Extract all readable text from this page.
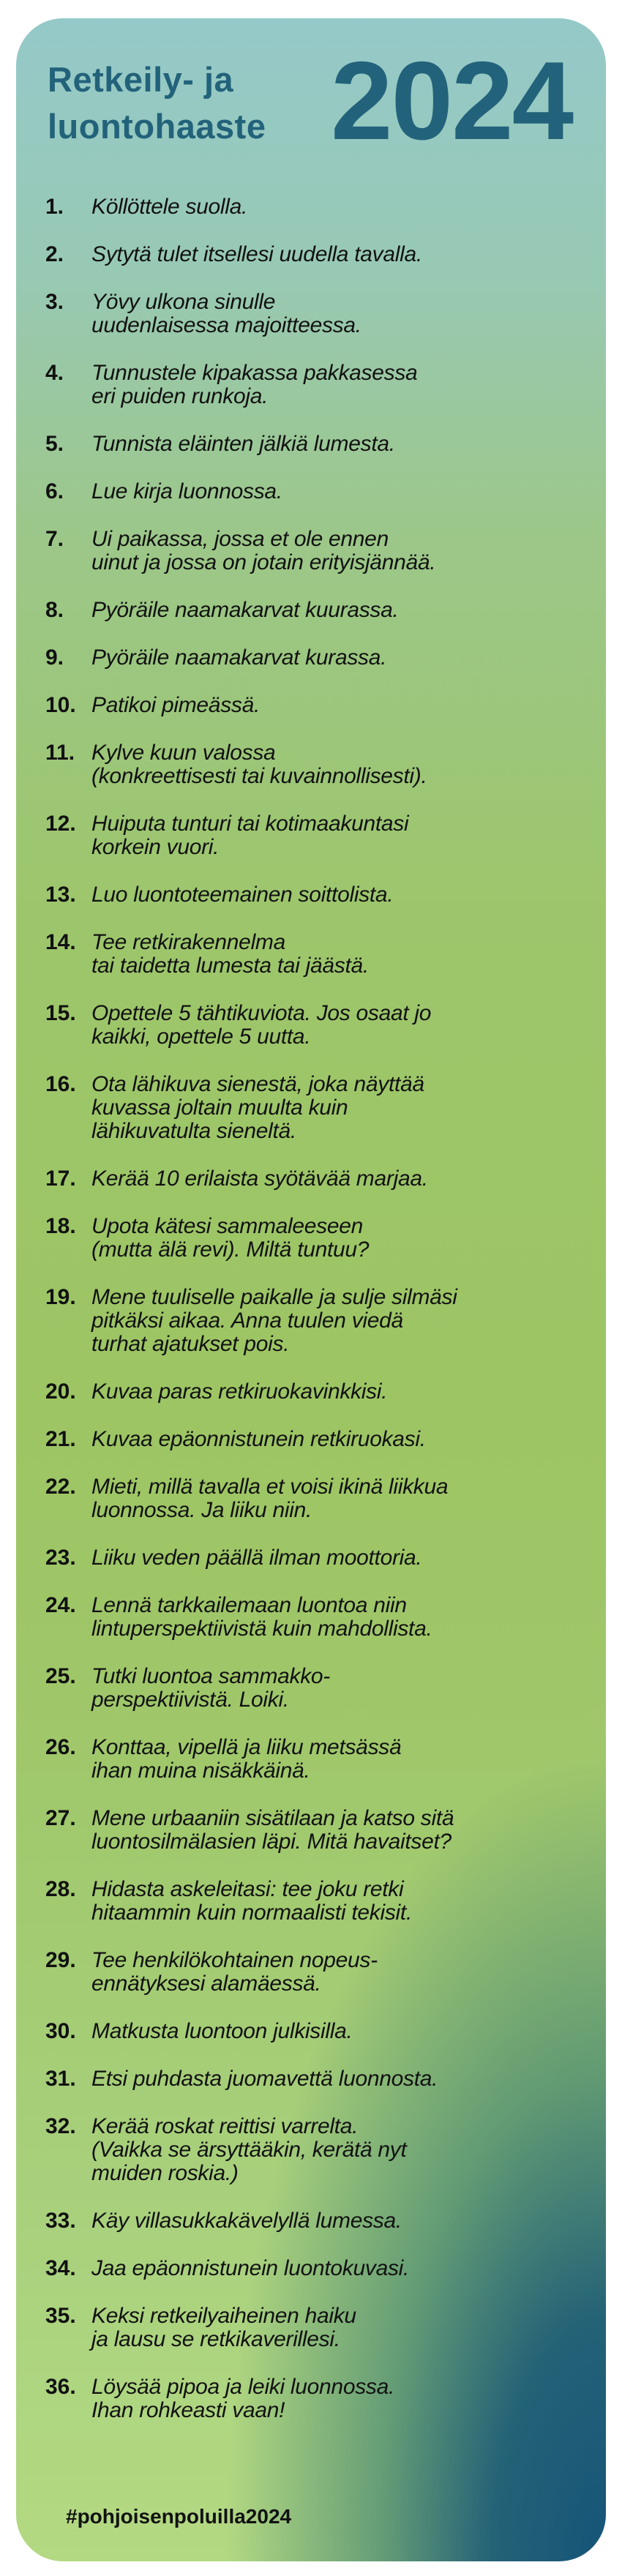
Retkeily- ja
luontohaaste 2024
1.	Köllöttele suolla.
2.	Sytytä tulet itsellesi uudella tavalla.
3.	Yövy ulkona sinulle
uudenlaisessa majoitteessa.
4.	Tunnustele kipakassa pakkasessa
eri puiden runkoja.
5.	Tunnista eläinten jälkiä lumesta.
6.	Lue kirja luonnossa.
7.	Ui paikassa, jossa et ole ennen
uinut ja jossa on jotain erityisjännää.
8.	Pyöräile naamakarvat kuurassa.
9.	Pyöräile naamakarvat kurassa.
10. Patikoi pimeässä.
11. Kylve kuun valossa
(konkreettisesti tai kuvainnollisesti).
12. Huiputa tunturi tai kotimaakuntasi
korkein vuori.
13. Luo luontoteemainen soittolista.
14. Tee retkirakennelma
tai taidetta lumesta tai jäästä.
15. Opettele 5 tähtikuviota. Jos osaat jo
kaikki, opettele 5 uutta.
16. Ota lähikuva sienestä, joka näyttää
kuvassa joltain muulta kuin
lähikuvatulta sieneltä.
17. Kerää 10 erilaista syötävää marjaa.
18. Upota kätesi sammaleeseen
(mutta älä revi). Miltä tuntuu?
19. Mene tuuliselle paikalle ja sulje silmäsi
pitkäksi aikaa. Anna tuulen viedä
turhat ajatukset pois.
20. Kuvaa paras retkiruokavinkkisi.
21. Kuvaa epäonnistunein retkiruokasi.
22. Mieti, millä tavalla et voisi ikinä liikkua
luonnossa. Ja liiku niin.
23. Liiku veden päällä ilman moottoria.
24. Lennä tarkkailemaan luontoa niin
lintuperspektiivistä kuin mahdollista.
25. Tutki luontoa sammakko-
perspektiivistä. Loiki.
26. Konttaa, vipellä ja liiku metsässä
ihan muina nisäkkäinä.
27. Mene urbaaniin sisätilaan ja katso sitä
luontosilmälasien läpi. Mitä havaitset?
28. Hidasta askeleitasi: tee joku retki
hitaammin kuin normaalisti tekisit.
29. Tee henkilökohtainen nopeus-
ennätyksesi alamäessä.
30. Matkusta luontoon julkisilla.
31. Etsi puhdasta juomavettä luonnosta.
32. Kerää roskat reittisi varrelta.
(Vaikka se ärsyttääkin, kerätä nyt
muiden roskia.)
33. Käy villasukkakävelyllä lumessa.
34. Jaa epäonnistunein luontokuvasi.
35. Keksi retkeilyaiheinen haiku
ja lausu se retkikaverillesi.
36. Löysää pipoa ja leiki luonnossa.
Ihan rohkeasti vaan!
#pohjoisenpoluilla2024
